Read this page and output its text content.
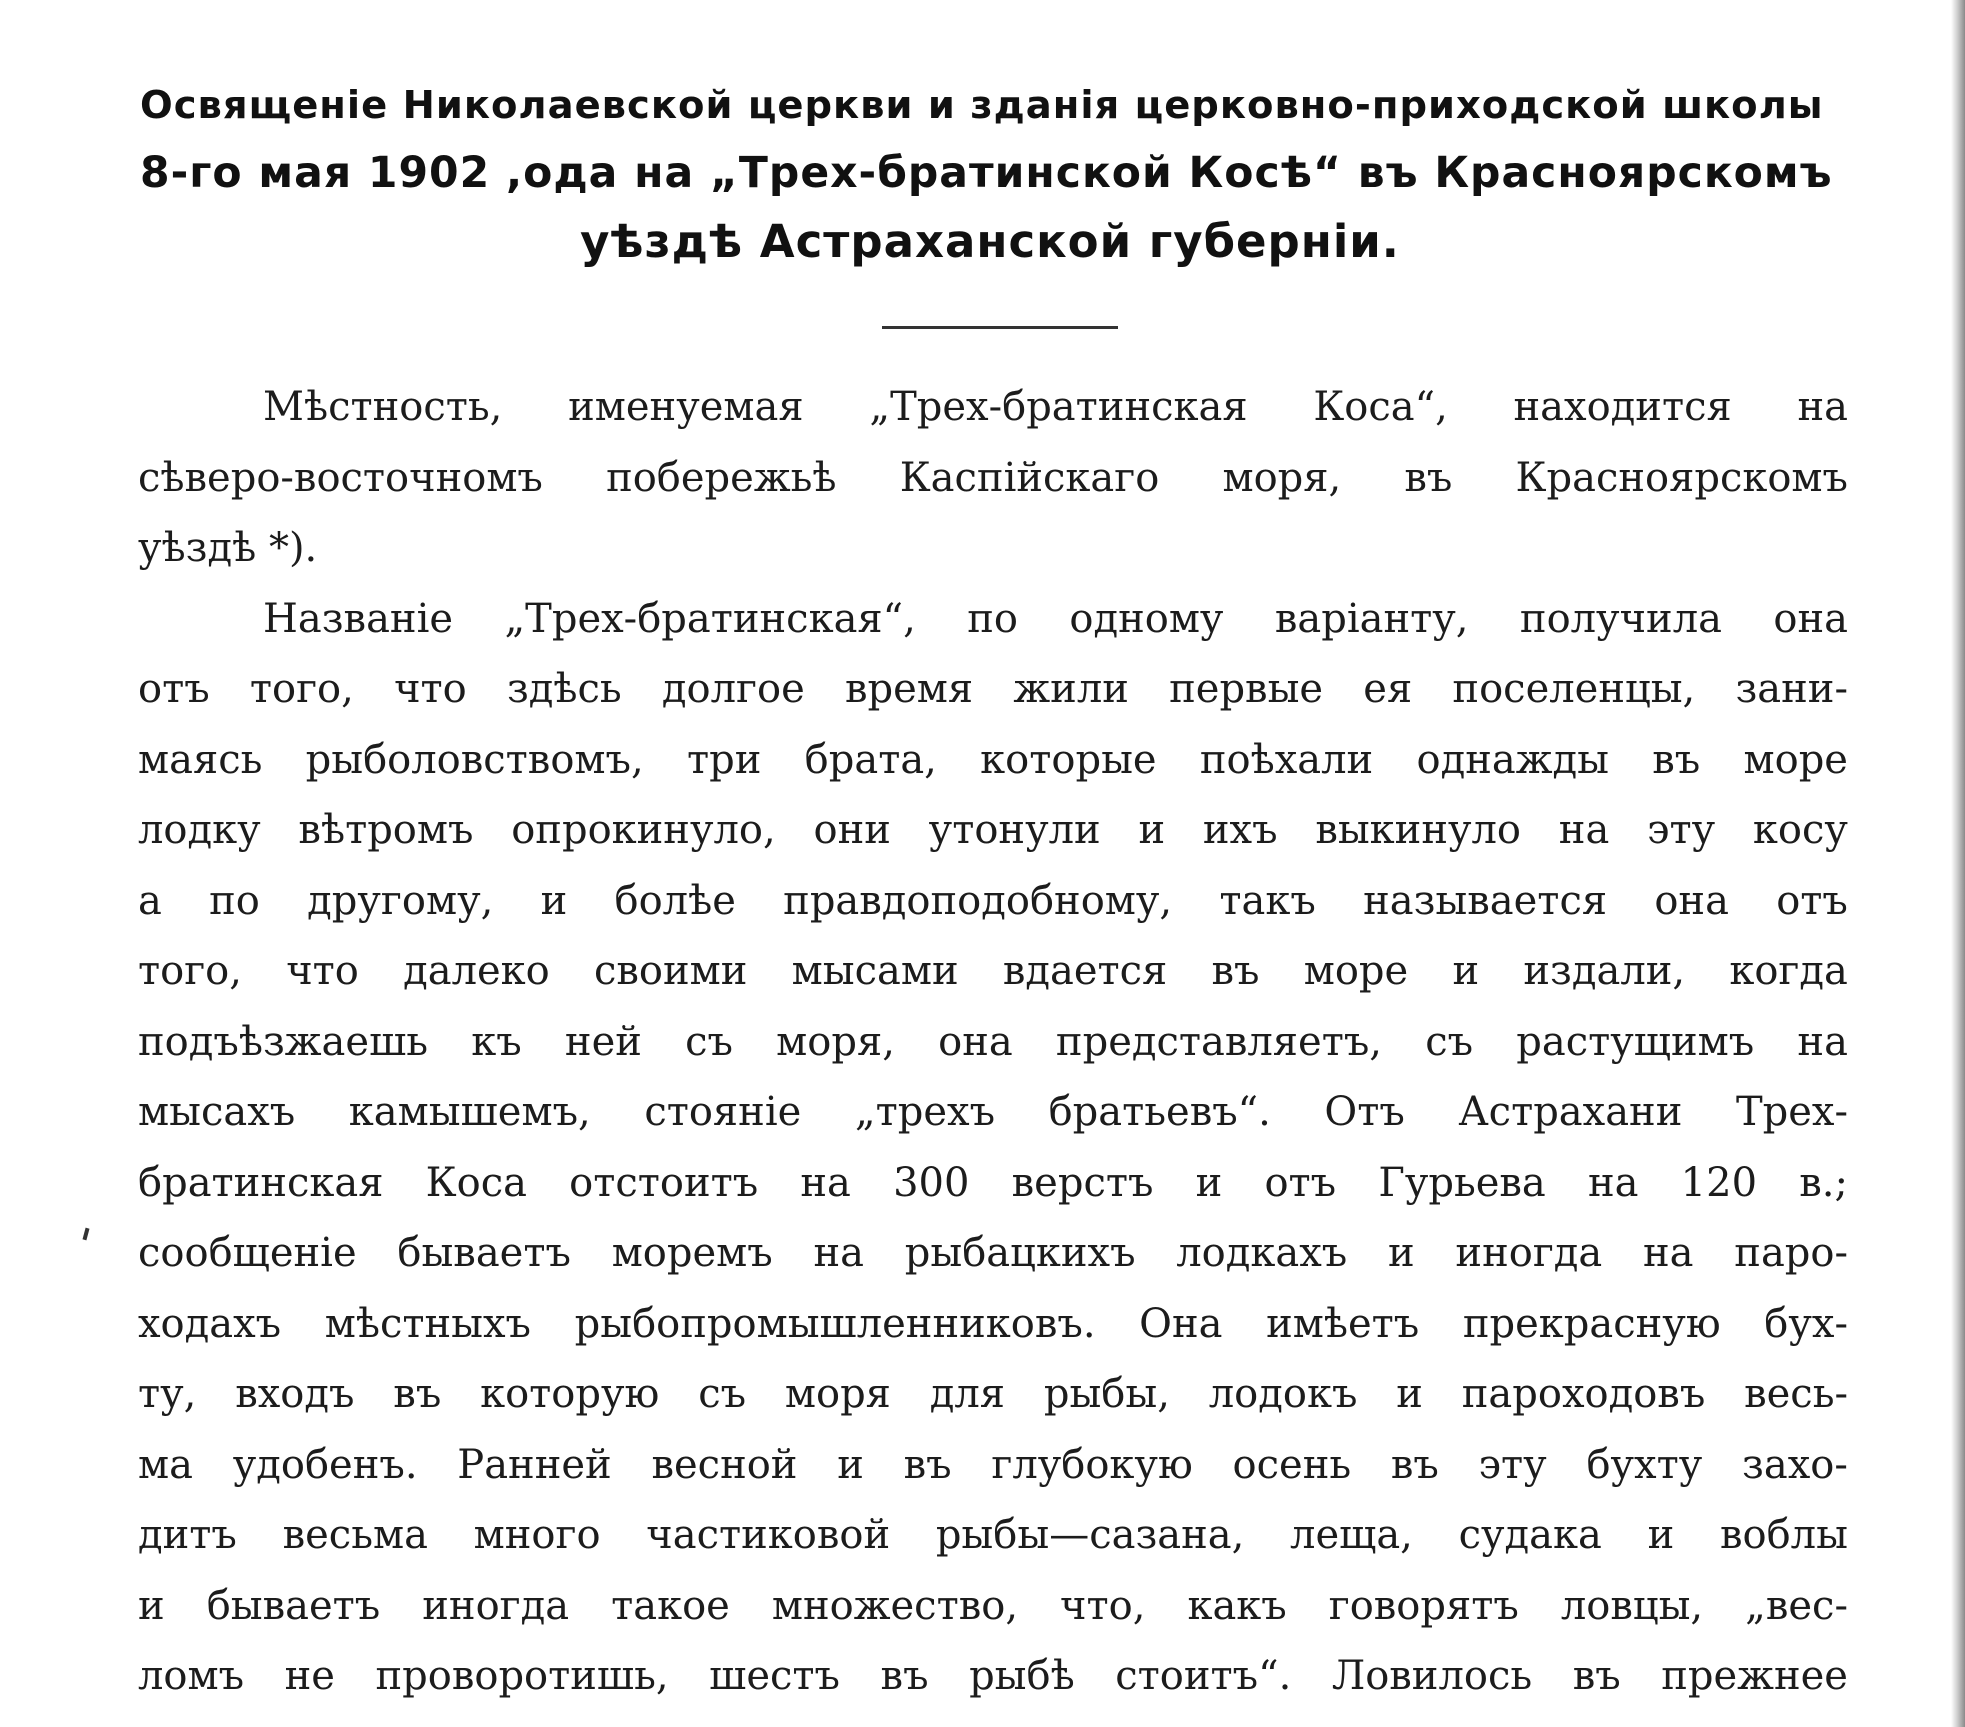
Освященіе Николаевской церкви и зданія церковно-приходской школы
8-го мая 1902 ,ода на „Трех-братинской Косѣ“ въ Красноярскомъ
уѣздѣ Астраханской губерніи.
Мѣстность, именуемая „Трех-братинская Коса“, находится на
сѣверо-восточномъ побережьѣ Каспійскаго моря, въ Красноярскомъ
уѣздѣ *).
Названіе „Трех-братинская“, по одному варіанту, получила она
отъ того, что здѣсь долгое время жили первые ея поселенцы, зани-
маясь рыболовствомъ, три брата, которые поѣхали однажды въ море
лодку вѣтромъ опрокинуло, они утонули и ихъ выкинуло на эту косу
а по другому, и болѣе правдоподобному, такъ называется она отъ
того, что далеко своими мысами вдается въ море и издали, когда
подъѣзжаешь къ ней съ моря, она представляетъ, съ растущимъ на
мысахъ камышемъ, стояніе „трехъ братьевъ“. Отъ Астрахани Трех-
братинская Коса отстоитъ на 300 верстъ и отъ Гурьева на 120 в.;
сообщеніе бываетъ моремъ на рыбацкихъ лодкахъ и иногда на паро-
ходахъ мѣстныхъ рыбопромышленниковъ. Она имѣетъ прекрасную бух-
ту, входъ въ которую съ моря для рыбы, лодокъ и пароходовъ весь-
ма удобенъ. Ранней весной и въ глубокую осень въ эту бухту захо-
дитъ весьма много частиковой рыбы—сазана, леща, судака и воблы
и бываетъ иногда такое множество, что, какъ говорятъ ловцы, „вес-
ломъ не проворотишь, шестъ въ рыбѣ стоитъ“. Ловилось въ прежнее
